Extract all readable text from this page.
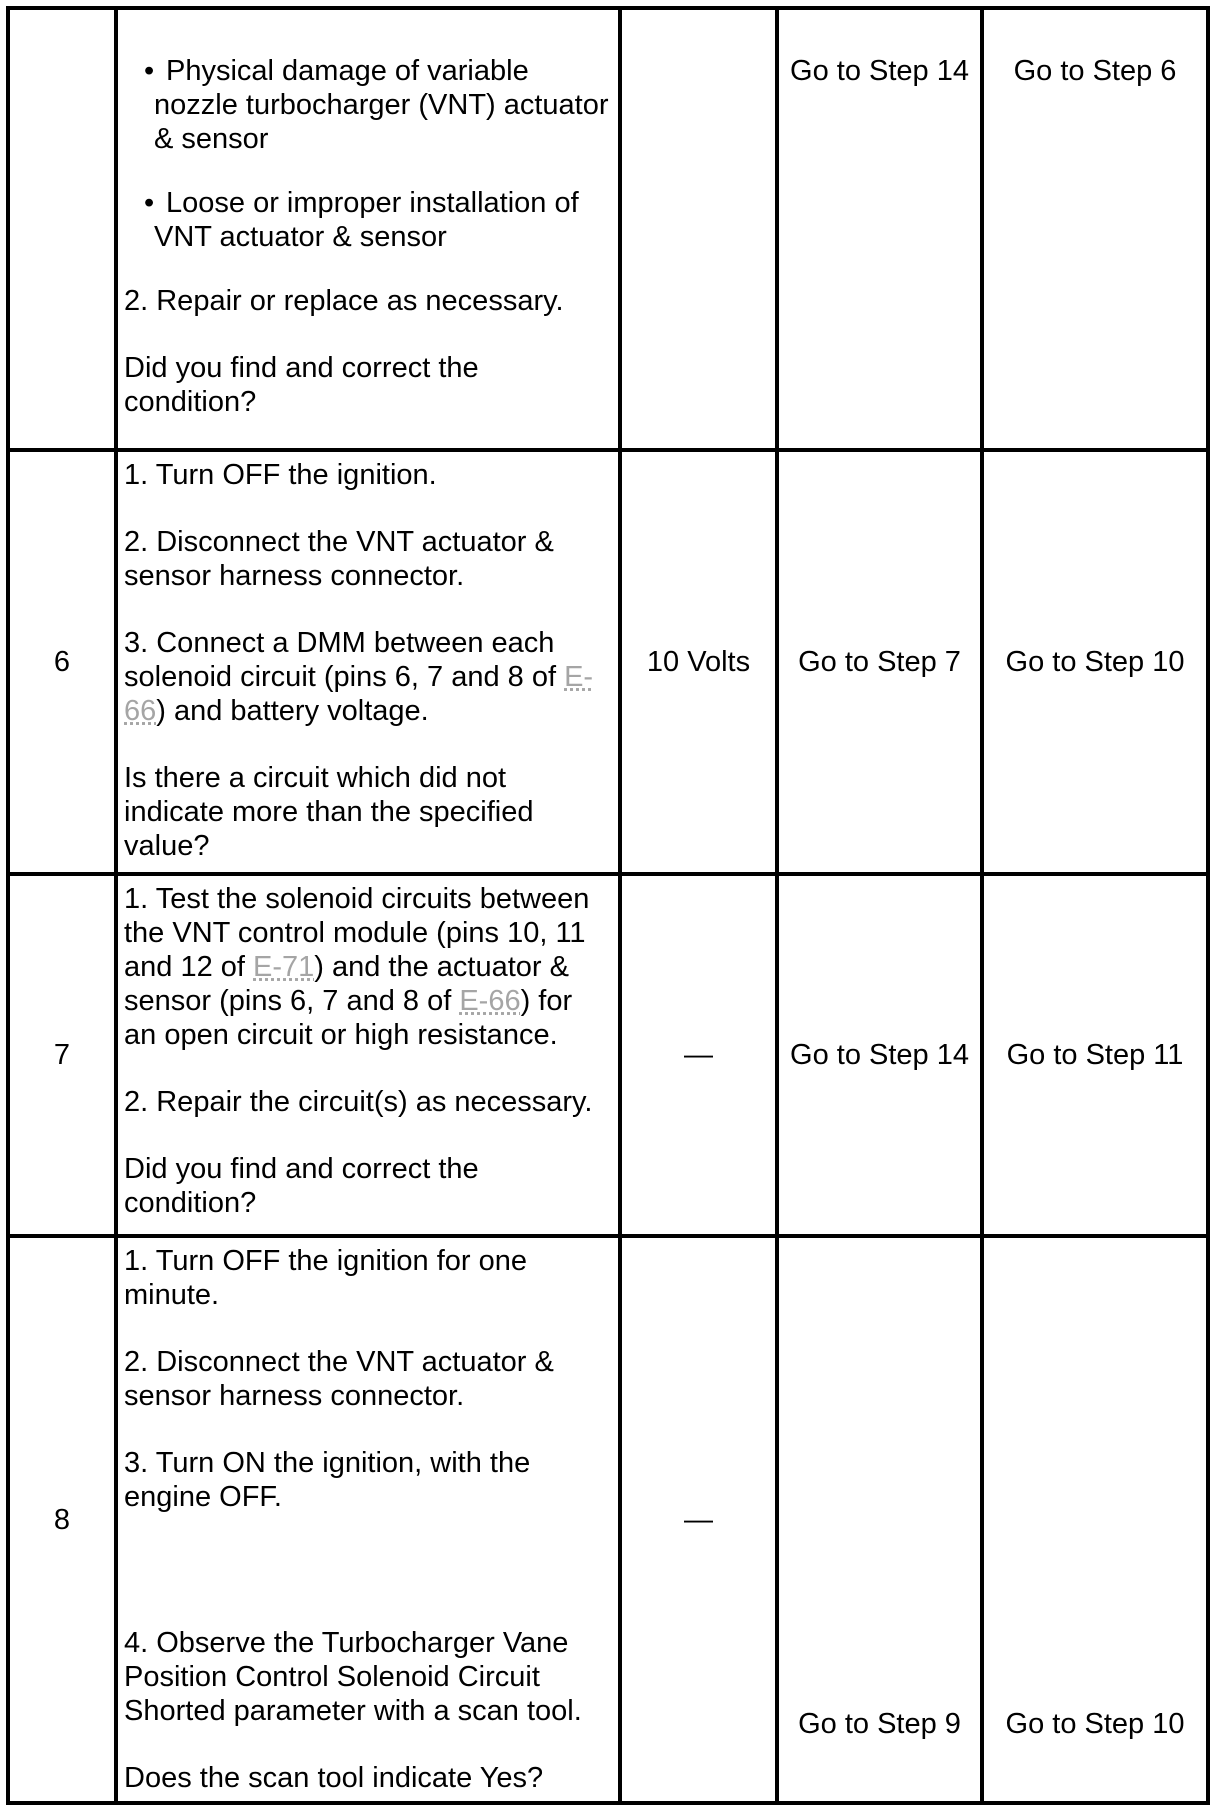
	• Physical damage of variable nozzle turbocharger (VNT) actuator & sensor
• Loose or improper installation of VNT actuator & sensor

2. Repair or replace as necessary.

Did you find and correct the condition?		Go to Step 14	Go to Step 6

6	1. Turn OFF the ignition.

2. Disconnect the VNT actuator & sensor harness connector.

3. Connect a DMM between each solenoid circuit (pins 6, 7 and 8 of E-66) and battery voltage.

Is there a circuit which did not indicate more than the specified value?	10 Volts	Go to Step 7	Go to Step 10
7	1. Test the solenoid circuits between the VNT control module (pins 10, 11 and 12 of E-71) and the actuator & sensor (pins 6, 7 and 8 of E-66) for an open circuit or high resistance.

2. Repair the circuit(s) as necessary.

Did you find and correct the condition?	—	Go to Step 14	Go to Step 11
8	1. Turn OFF the ignition for one minute.

2. Disconnect the VNT actuator & sensor harness connector.

3. Turn ON the ignition, with the engine OFF.

4. Observe the Turbocharger Vane Position Control Solenoid Circuit Shorted parameter with a scan tool.

Does the scan tool indicate Yes?	—	Go to Step 9	Go to Step 10
